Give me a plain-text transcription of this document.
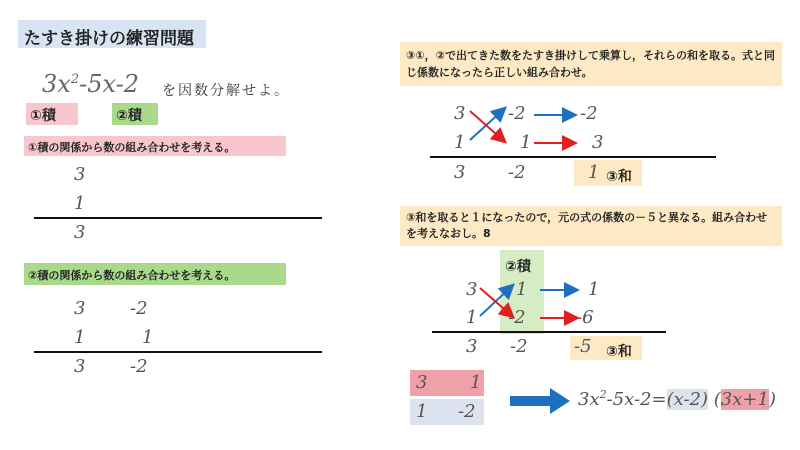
たすき掛けの練習問題
$3x^2-5x-2$ を因数分解せよ。
①積	②積
①積の関係から数の組み合わせを考える。
3
1
3
②積の関係から数の組み合わせを考える。
3 -2
1	1
3 -2
③①，②で出てきた数をたすき掛けして乗算し，それらの和を取る。式と同じ係数になったら正しい組み合わせ。
3 -2	-2
1	1	3
3 -2	1 ③和
③和を取ると１になったので，元の式の係数の－５と異なる。組み合わせを考えなおし。8
②積
3 1	1
1 -2	-6
3 -2	-5 ③和
3 1
1 -2
$3x^2-5x-2=(x-2)$ (3x+1)
